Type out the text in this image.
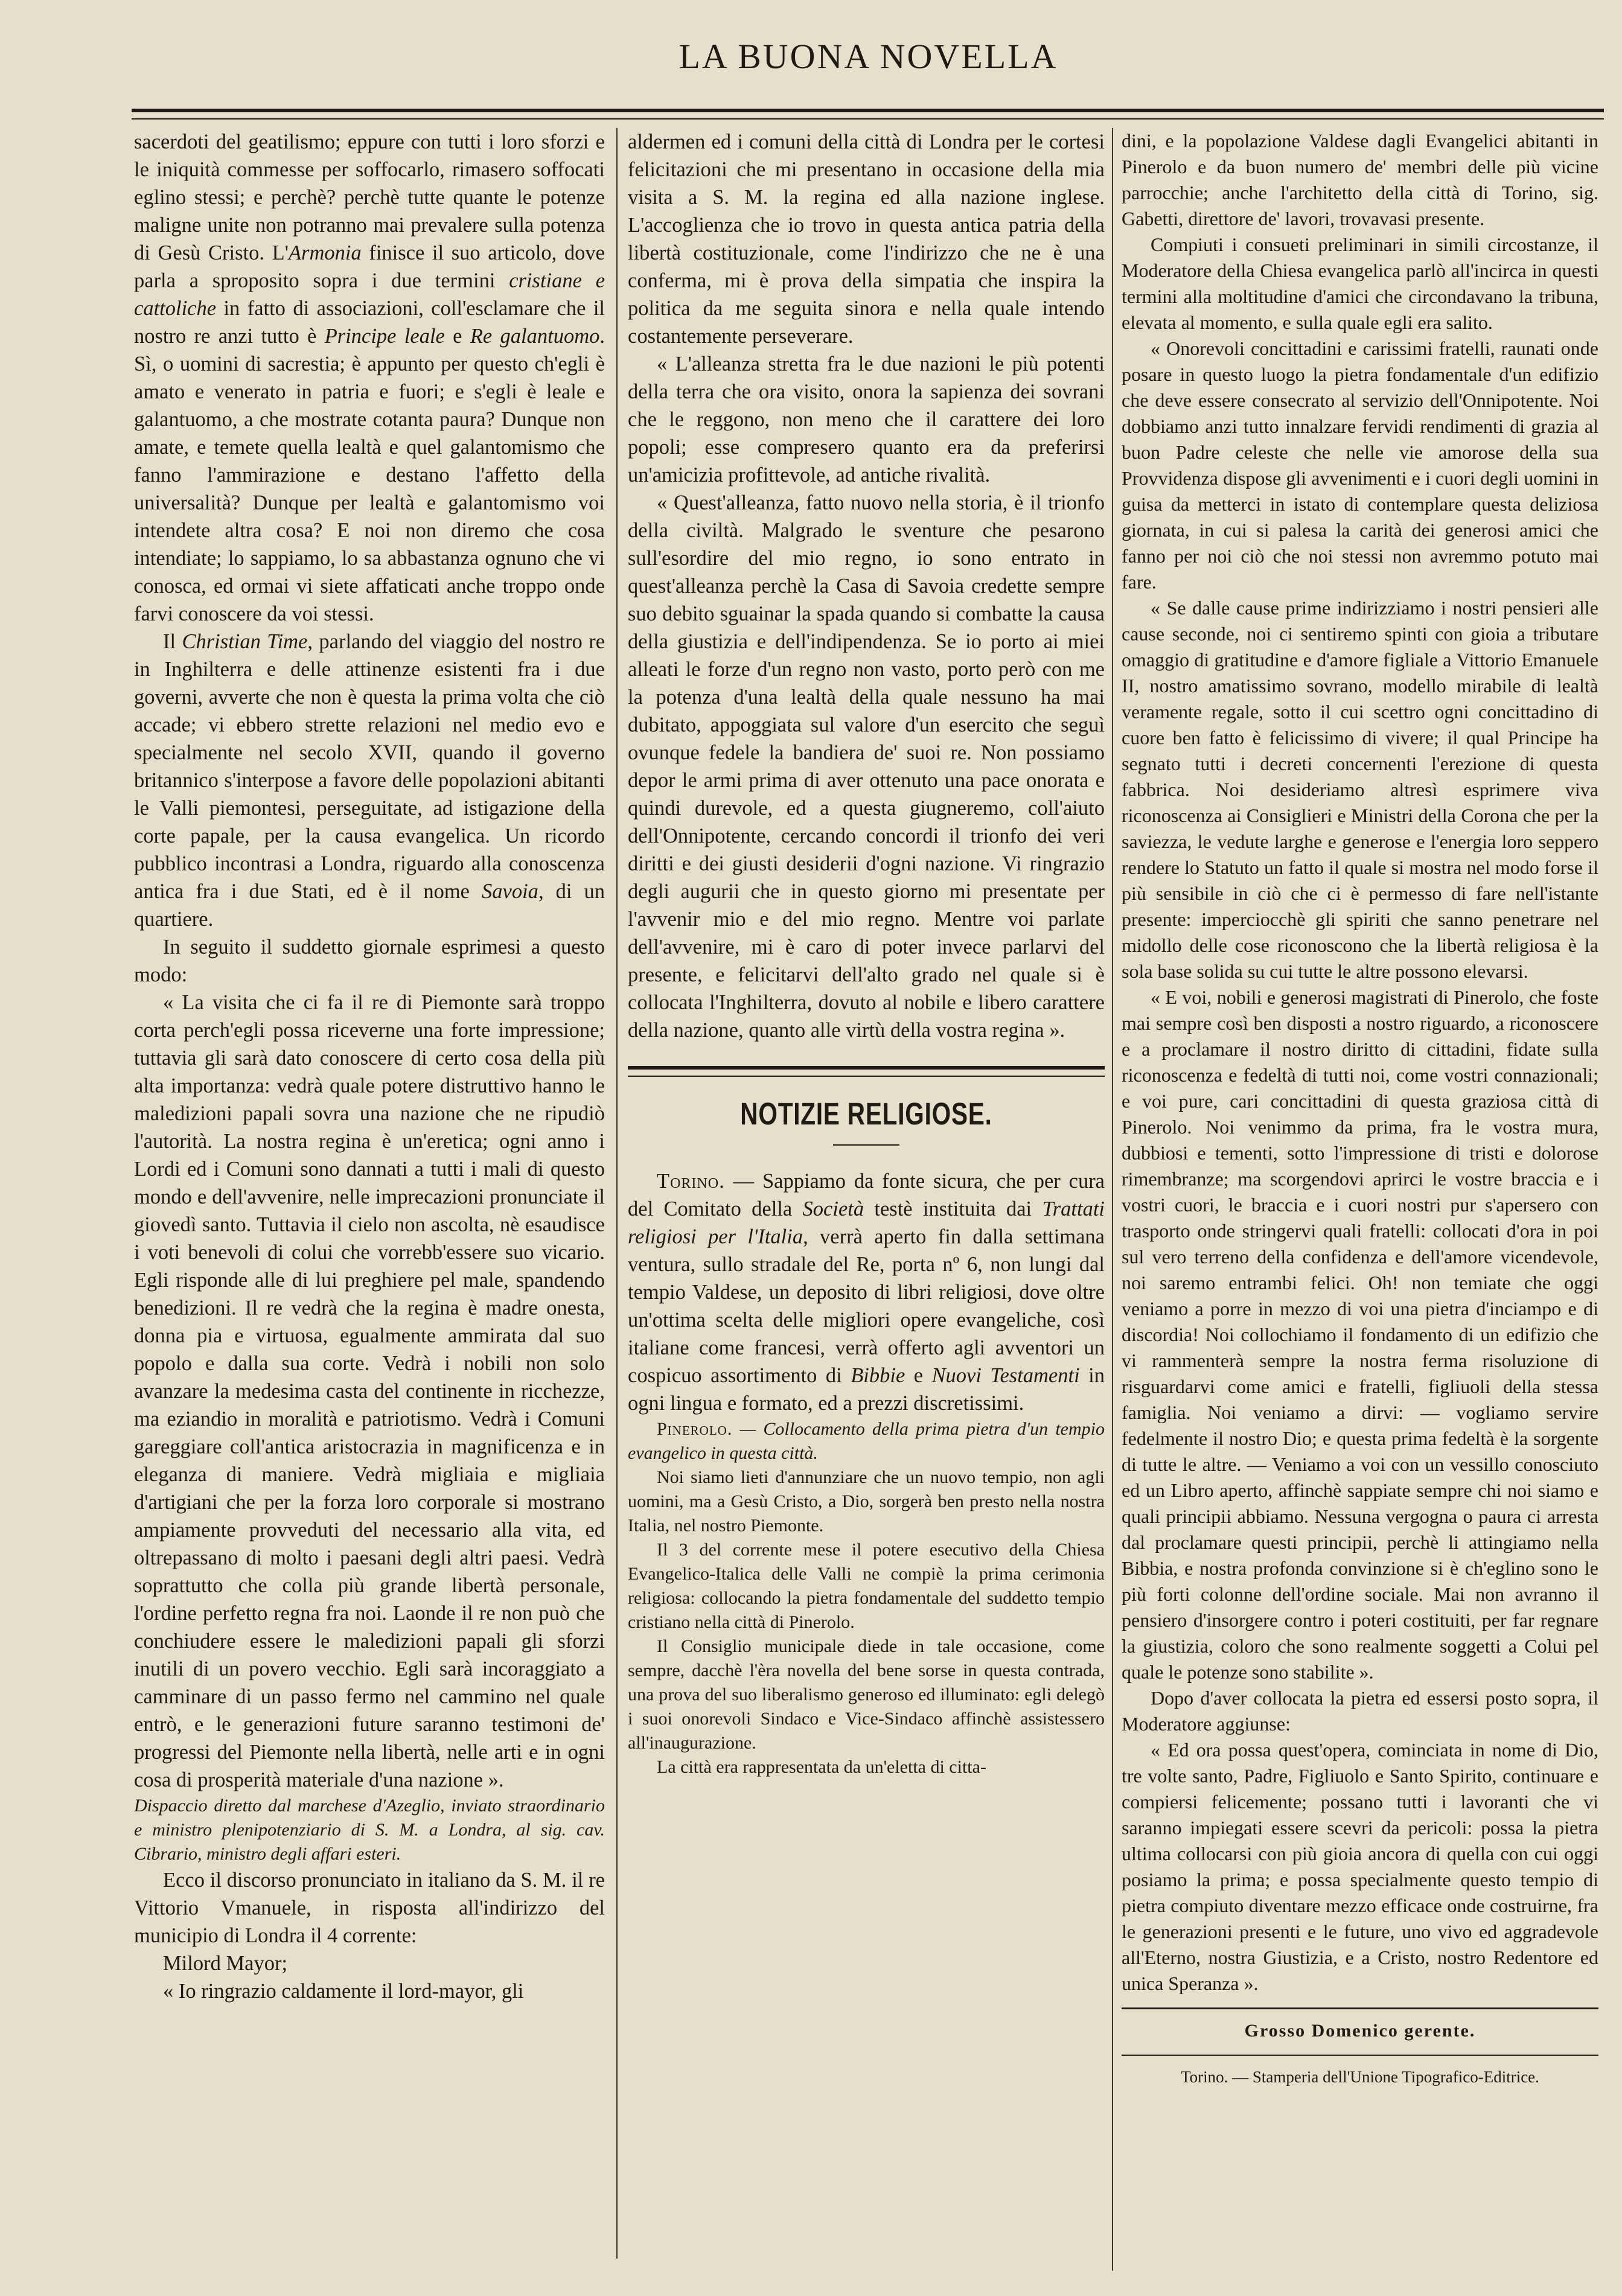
LA BUONA NOVELLA

sacerdoti del geatilismo; eppure con tutti i loro sforzi e le iniquità commesse per soffocarlo, rimasero soffocati eglino stessi; e perchè? perchè tutte quante le potenze maligne unite non potranno mai prevalere sulla potenza di Gesù Cristo. L'Armonia finisce il suo articolo, dove parla a sproposito sopra i due termini cristiane e cattoliche in fatto di associazioni, coll'esclamare che il nostro re anzi tutto è Principe leale e Re galantuomo. Sì, o uomini di sacrestia; è appunto per questo ch'egli è amato e venerato in patria e fuori; e s'egli è leale e galantuomo, a che mostrate cotanta paura? Dunque non amate, e temete quella lealtà e quel galantomismo che fanno l'ammirazione e destano l'affetto della universalità? Dunque per lealtà e galantomismo voi intendete altra cosa? E noi non diremo che cosa intendiate; lo sappiamo, lo sa abbastanza ognuno che vi conosca, ed ormai vi siete affaticati anche troppo onde farvi conoscere da voi stessi.

Il Christian Time, parlando del viaggio del nostro re in Inghilterra e delle attinenze esistenti fra i due governi, avverte che non è questa la prima volta che ciò accade; vi ebbero strette relazioni nel medio evo e specialmente nel secolo XVII, quando il governo britannico s'interpose a favore delle popolazioni abitanti le Valli piemontesi, perseguitate, ad istigazione della corte papale, per la causa evangelica. Un ricordo pubblico incontrasi a Londra, riguardo alla conoscenza antica fra i due Stati, ed è il nome Savoia, di un quartiere.

In seguito il suddetto giornale esprimesi a questo modo:

« La visita che ci fa il re di Piemonte sarà troppo corta perch'egli possa riceverne una forte impressione; tuttavia gli sarà dato conoscere di certo cosa della più alta importanza: vedrà quale potere distruttivo hanno le maledizioni papali sovra una nazione che ne ripudiò l'autorità. La nostra regina è un'eretica; ogni anno i Lordi ed i Comuni sono dannati a tutti i mali di questo mondo e dell'avvenire, nelle imprecazioni pronunciate il giovedì santo. Tuttavia il cielo non ascolta, nè esaudisce i voti benevoli di colui che vorrebb'essere suo vicario. Egli risponde alle di lui preghiere pel male, spandendo benedizioni. Il re vedrà che la regina è madre onesta, donna pia e virtuosa, egualmente ammirata dal suo popolo e dalla sua corte. Vedrà i nobili non solo avanzare la medesima casta del continente in ricchezze, ma eziandio in moralità e patriotismo. Vedrà i Comuni gareggiare coll'antica aristocrazia in magnificenza e in eleganza di maniere. Vedrà migliaia e migliaia d'artigiani che per la forza loro corporale si mostrano ampiamente provveduti del necessario alla vita, ed oltrepassano di molto i paesani degli altri paesi. Vedrà soprattutto che colla più grande libertà personale, l'ordine perfetto regna fra noi. Laonde il re non può che conchiudere essere le maledizioni papali gli sforzi inutili di un povero vecchio. Egli sarà incoraggiato a camminare di un passo fermo nel cammino nel quale entrò, e le generazioni future saranno testimoni de' progressi del Piemonte nella libertà, nelle arti e in ogni cosa di prosperità materiale d'una nazione ».

Dispaccio diretto dal marchese d'Azeglio, inviato straordinario e ministro plenipotenziario di S. M. a Londra, al sig. cav. Cibrario, ministro degli affari esteri.

Ecco il discorso pronunciato in italiano da S. M. il re Vittorio Vmanuele, in risposta all'indirizzo del municipio di Londra il 4 corrente:

Milord Mayor;

« Io ringrazio caldamente il lord-mayor, gli

aldermen ed i comuni della città di Londra per le cortesi felicitazioni che mi presentano in occasione della mia visita a S. M. la regina ed alla nazione inglese. L'accoglienza che io trovo in questa antica patria della libertà costituzionale, come l'indirizzo che ne è una conferma, mi è prova della simpatia che inspira la politica da me seguita sinora e nella quale intendo costantemente perseverare.

« L'alleanza stretta fra le due nazioni le più potenti della terra che ora visito, onora la sapienza dei sovrani che le reggono, non meno che il carattere dei loro popoli; esse compresero quanto era da preferirsi un'amicizia profittevole, ad antiche rivalità.

« Quest'alleanza, fatto nuovo nella storia, è il trionfo della civiltà. Malgrado le sventure che pesarono sull'esordire del mio regno, io sono entrato in quest'alleanza perchè la Casa di Savoia credette sempre suo debito sguainar la spada quando si combatte la causa della giustizia e dell'indipendenza. Se io porto ai miei alleati le forze d'un regno non vasto, porto però con me la potenza d'una lealtà della quale nessuno ha mai dubitato, appoggiata sul valore d'un esercito che seguì ovunque fedele la bandiera de' suoi re. Non possiamo depor le armi prima di aver ottenuto una pace onorata e quindi durevole, ed a questa giugneremo, coll'aiuto dell'Onnipotente, cercando concordi il trionfo dei veri diritti e dei giusti desiderii d'ogni nazione. Vi ringrazio degli augurii che in questo giorno mi presentate per l'avvenir mio e del mio regno. Mentre voi parlate dell'avvenire, mi è caro di poter invece parlarvi del presente, e felicitarvi dell'alto grado nel quale si è collocata l'Inghilterra, dovuto al nobile e libero carattere della nazione, quanto alle virtù della vostra regina ».

NOTIZIE RELIGIOSE.

Torino. — Sappiamo da fonte sicura, che per cura del Comitato della Società testè instituita dai Trattati religiosi per l'Italia, verrà aperto fin dalla settimana ventura, sullo stradale del Re, porta nº 6, non lungi dal tempio Valdese, un deposito di libri religiosi, dove oltre un'ottima scelta delle migliori opere evangeliche, così italiane come francesi, verrà offerto agli avventori un cospicuo assortimento di Bibbie e Nuovi Testamenti in ogni lingua e formato, ed a prezzi discretissimi.

Pinerolo. — Collocamento della prima pietra d'un tempio evangelico in questa città.

Noi siamo lieti d'annunziare che un nuovo tempio, non agli uomini, ma a Gesù Cristo, a Dio, sorgerà ben presto nella nostra Italia, nel nostro Piemonte.

Il 3 del corrente mese il potere esecutivo della Chiesa Evangelico-Italica delle Valli ne compiè la prima cerimonia religiosa: collocando la pietra fondamentale del suddetto tempio cristiano nella città di Pinerolo.

Il Consiglio municipale diede in tale occasione, come sempre, dacchè l'èra novella del bene sorse in questa contrada, una prova del suo liberalismo generoso ed illuminato: egli delegò i suoi onorevoli Sindaco e Vice-Sindaco affinchè assistessero all'inaugurazione.

La città era rappresentata da un'eletta di citta-

dini, e la popolazione Valdese dagli Evangelici abitanti in Pinerolo e da buon numero de' membri delle più vicine parrocchie; anche l'architetto della città di Torino, sig. Gabetti, direttore de' lavori, trovavasi presente.

Compiuti i consueti preliminari in simili circostanze, il Moderatore della Chiesa evangelica parlò all'incirca in questi termini alla moltitudine d'amici che circondavano la tribuna, elevata al momento, e sulla quale egli era salito.

« Onorevoli concittadini e carissimi fratelli, raunati onde posare in questo luogo la pietra fondamentale d'un edifizio che deve essere consecrato al servizio dell'Onnipotente. Noi dobbiamo anzi tutto innalzare fervidi rendimenti di grazia al buon Padre celeste che nelle vie amorose della sua Provvidenza dispose gli avvenimenti e i cuori degli uomini in guisa da metterci in istato di contemplare questa deliziosa giornata, in cui si palesa la carità dei generosi amici che fanno per noi ciò che noi stessi non avremmo potuto mai fare.

« Se dalle cause prime indirizziamo i nostri pensieri alle cause seconde, noi ci sentiremo spinti con gioia a tributare omaggio di gratitudine e d'amore figliale a Vittorio Emanuele II, nostro amatissimo sovrano, modello mirabile di lealtà veramente regale, sotto il cui scettro ogni concittadino di cuore ben fatto è felicissimo di vivere; il qual Principe ha segnato tutti i decreti concernenti l'erezione di questa fabbrica. Noi desideriamo altresì esprimere viva riconoscenza ai Consiglieri e Ministri della Corona che per la saviezza, le vedute larghe e generose e l'energia loro seppero rendere lo Statuto un fatto il quale si mostra nel modo forse il più sensibile in ciò che ci è permesso di fare nell'istante presente: imperciocchè gli spiriti che sanno penetrare nel midollo delle cose riconoscono che la libertà religiosa è la sola base solida su cui tutte le altre possono elevarsi.

« E voi, nobili e generosi magistrati di Pinerolo, che foste mai sempre così ben disposti a nostro riguardo, a riconoscere e a proclamare il nostro diritto di cittadini, fidate sulla riconoscenza e fedeltà di tutti noi, come vostri connazionali; e voi pure, cari concittadini di questa graziosa città di Pinerolo. Noi venimmo da prima, fra le vostra mura, dubbiosi e tementi, sotto l'impressione di tristi e dolorose rimembranze; ma scorgendovi aprirci le vostre braccia e i vostri cuori, le braccia e i cuori nostri pur s'apersero con trasporto onde stringervi quali fratelli: collocati d'ora in poi sul vero terreno della confidenza e dell'amore vicendevole, noi saremo entrambi felici. Oh! non temiate che oggi veniamo a porre in mezzo di voi una pietra d'inciampo e di discordia! Noi collochiamo il fondamento di un edifizio che vi rammenterà sempre la nostra ferma risoluzione di risguardarvi come amici e fratelli, figliuoli della stessa famiglia. Noi veniamo a dirvi: — vogliamo servire fedelmente il nostro Dio; e questa prima fedeltà è la sorgente di tutte le altre. — Veniamo a voi con un vessillo conosciuto ed un Libro aperto, affinchè sappiate sempre chi noi siamo e quali principii abbiamo. Nessuna vergogna o paura ci arresta dal proclamare questi principii, perchè li attingiamo nella Bibbia, e nostra profonda convinzione si è ch'eglino sono le più forti colonne dell'ordine sociale. Mai non avranno il pensiero d'insorgere contro i poteri costituiti, per far regnare la giustizia, coloro che sono realmente soggetti a Colui pel quale le potenze sono stabilite ».

Dopo d'aver collocata la pietra ed essersi posto sopra, il Moderatore aggiunse:

« Ed ora possa quest'opera, cominciata in nome di Dio, tre volte santo, Padre, Figliuolo e Santo Spirito, continuare e compiersi felicemente; possano tutti i lavoranti che vi saranno impiegati essere scevri da pericoli: possa la pietra ultima collocarsi con più gioia ancora di quella con cui oggi posiamo la prima; e possa specialmente questo tempio di pietra compiuto diventare mezzo efficace onde costruirne, fra le generazioni presenti e le future, uno vivo ed aggradevole all'Eterno, nostra Giustizia, e a Cristo, nostro Redentore ed unica Speranza ».

Grosso Domenico gerente.
Torino. — Stamperia dell'Unione Tipografico-Editrice.
